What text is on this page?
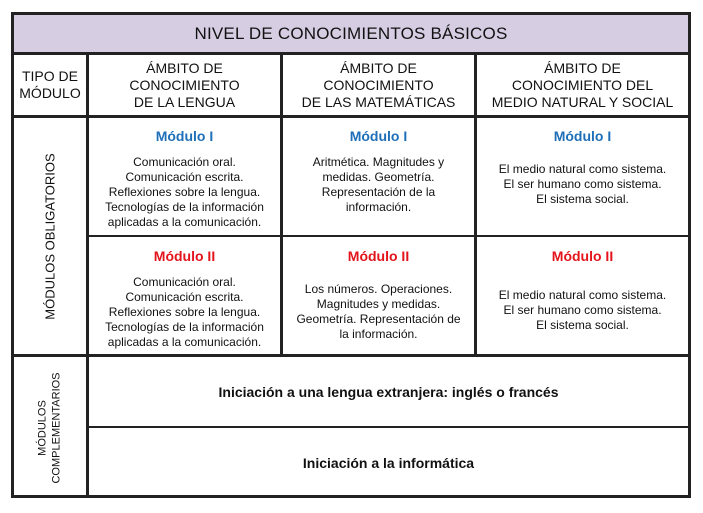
NIVEL DE CONOCIMIENTOS BÁSICOS
TIPO DE
MÓDULO
ÁMBITO DE
CONOCIMIENTO
DE LA LENGUA
ÁMBITO DE
CONOCIMIENTO
DE LAS MATEMÁTICAS
ÁMBITO DE
CONOCIMIENTO DEL
MEDIO NATURAL Y SOCIAL
MÓDULOS OBLIGATORIOS
Módulo I
Comunicación oral.
Comunicación escrita.
Reflexiones sobre la lengua.
Tecnologías de la información
aplicadas a la comunicación.
Módulo I
Aritmética. Magnitudes y
medidas. Geometría.
Representación de la
información.
Módulo I
El medio natural como sistema.
El ser humano como sistema.
El sistema social.
Módulo II
Comunicación oral.
Comunicación escrita.
Reflexiones sobre la lengua.
Tecnologías de la información
aplicadas a la comunicación.
Módulo II
Los números. Operaciones.
Magnitudes y medidas.
Geometría. Representación de
la información.
Módulo II
El medio natural como sistema.
El ser humano como sistema.
El sistema social.
MÓDULOS COMPLEMENTARIOS	Iniciación a una lengua extranjera: inglés o francés
Iniciación a la informática
